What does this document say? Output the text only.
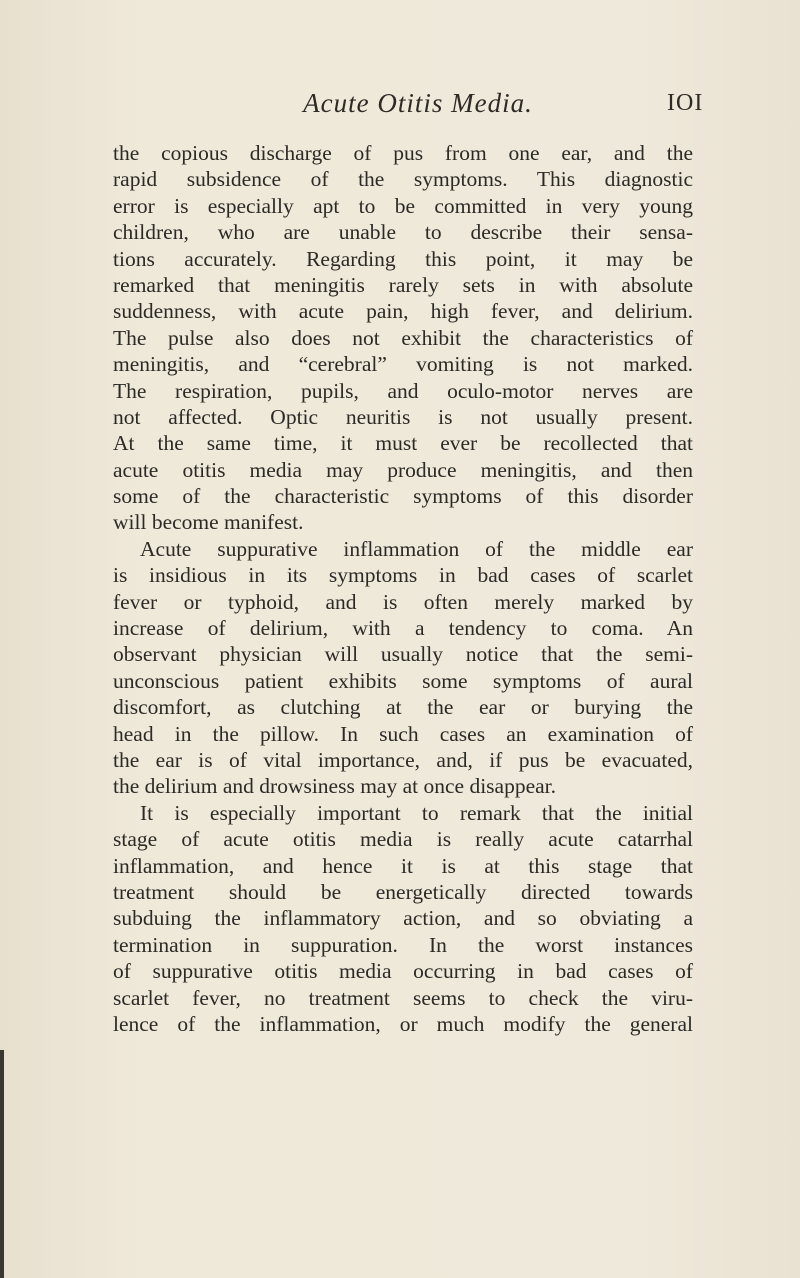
Acute Otitis Media.	IOI
the copious discharge of pus from one ear, and the
rapid subsidence of the symptoms. This diagnostic
error is especially apt to be committed in very young
children, who are unable to describe their sensa-
tions accurately. Regarding this point, it may be
remarked that meningitis rarely sets in with absolute
suddenness, with acute pain, high fever, and delirium.
The pulse also does not exhibit the characteristics of
meningitis, and “cerebral” vomiting is not marked.
The respiration, pupils, and oculo-motor nerves are
not affected. Optic neuritis is not usually present.
At the same time, it must ever be recollected that
acute otitis media may produce meningitis, and then
some of the characteristic symptoms of this disorder
will become manifest.
Acute suppurative inflammation of the middle ear
is insidious in its symptoms in bad cases of scarlet
fever or typhoid, and is often merely marked by
increase of delirium, with a tendency to coma. An
observant physician will usually notice that the semi-
unconscious patient exhibits some symptoms of aural
discomfort, as clutching at the ear or burying the
head in the pillow. In such cases an examination of
the ear is of vital importance, and, if pus be evacuated,
the delirium and drowsiness may at once disappear.
It is especially important to remark that the initial
stage of acute otitis media is really acute catarrhal
inflammation, and hence it is at this stage that
treatment should be energetically directed towards
subduing the inflammatory action, and so obviating a
termination in suppuration. In the worst instances
of suppurative otitis media occurring in bad cases of
scarlet fever, no treatment seems to check the viru-
lence of the inflammation, or much modify the general
